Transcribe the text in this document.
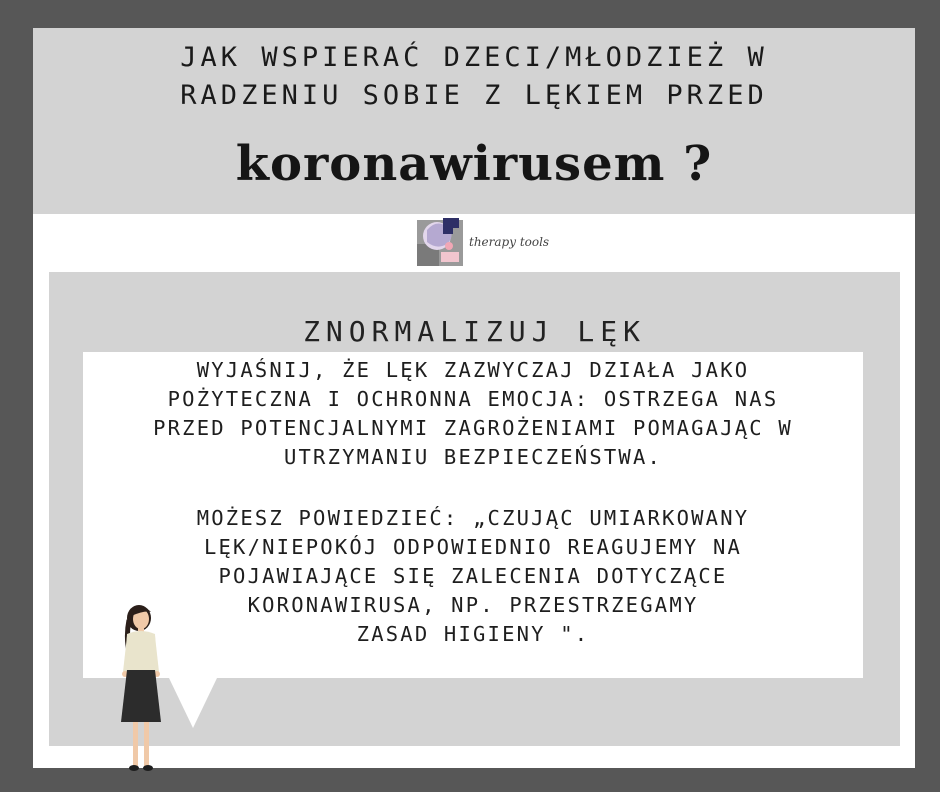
JAK WSPIERAĆ DZECI/MŁODZIEŻ W
RADZENIU SOBIE Z LĘKIEM PRZED
koronawirusem ?
therapy tools
ZNORMALIZUJ LĘK
WYJAŚNIJ, ŻE LĘK ZAZWYCZAJ DZIAŁA JAKO
POŻYTECZNA I OCHRONNA EMOCJA: OSTRZEGA NAS
PRZED POTENCJALNYMI ZAGROŻENIAMI POMAGAJĄC W
UTRZYMANIU BEZPIECZEŃSTWA.
MOŻESZ POWIEDZIEĆ: „CZUJĄC UMIARKOWANY
LĘK/NIEPOKÓJ ODPOWIEDNIO REAGUJEMY NA
POJAWIAJĄCE SIĘ ZALECENIA DOTYCZĄCE
KORONAWIRUSA, NP. PRZESTRZEGAMY
ZASAD HIGIENY ".
